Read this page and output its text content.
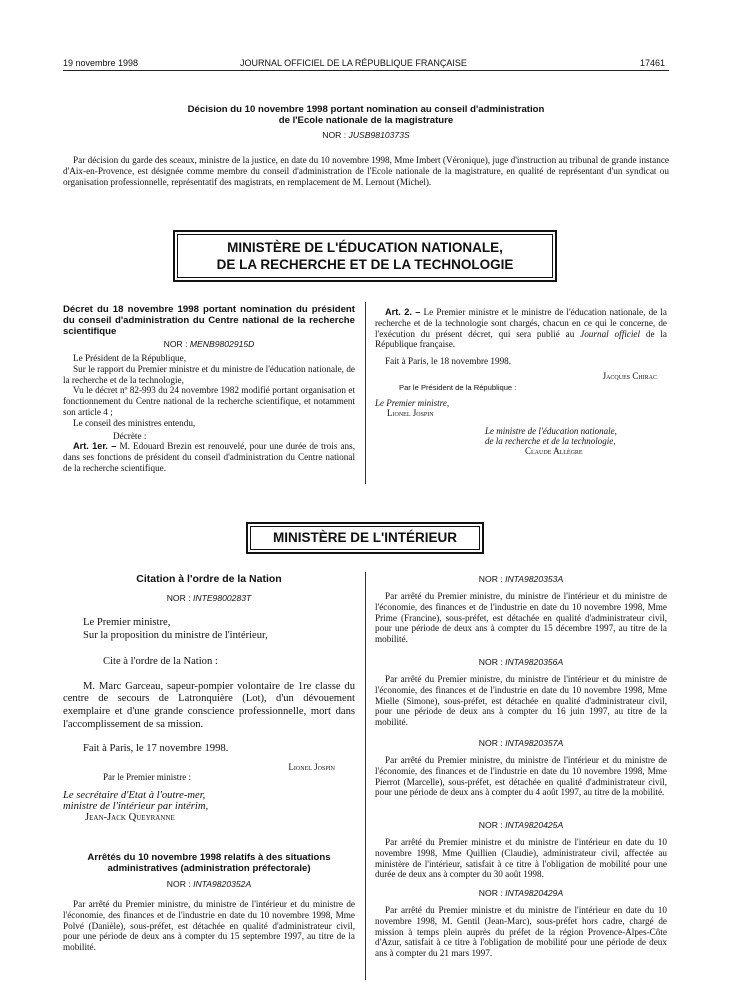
19 novembre 1998	JOURNAL OFFICIEL DE LA RÉPUBLIQUE FRANÇAISE	17461
Décision du 10 novembre 1998 portant nomination au conseil d'administration
de l'Ecole nationale de la magistrature
NOR : JUSB9810373S

Par décision du garde des sceaux, ministre de la justice, en date du 10 novembre 1998, Mme Imbert (Véronique), juge d'instruction au tribunal de grande instance d'Aix-en-Provence, est désignée comme membre du conseil d'administration de l'Ecole nationale de la magistrature, en qualité de représentant d'un syndicat ou organisation professionnelle, représentatif des magistrats, en remplacement de M. Lernout (Michel).

MINISTÈRE DE L'ÉDUCATION NATIONALE,
DE LA RECHERCHE ET DE LA TECHNOLOGIE
Décret du 18 novembre 1998 portant nomination du président du conseil d'administration du Centre national de la recherche scientifique
NOR : MENB9802915D

Le Président de la République,

Sur le rapport du Premier ministre et du ministre de l'éducation nationale, de la recherche et de la technologie,

Vu le décret nº 82-993 du 24 novembre 1982 modifié portant organisation et fonctionnement du Centre national de la recherche scientifique, et notamment son article 4 ;

Le conseil des ministres entendu,

Décrète :

Art. 1er. – M. Edouard Brezin est renouvelé, pour une durée de trois ans, dans ses fonctions de président du conseil d'administration du Centre national de la recherche scientifique.

Art. 2. – Le Premier ministre et le ministre de l'éducation nationale, de la recherche et de la technologie sont chargés, chacun en ce qui le concerne, de l'exécution du présent décret, qui sera publié au Journal officiel de la République française.

Fait à Paris, le 18 novembre 1998.

Jacques Chirac
Par le Président de la République :
Le Premier ministre,
Lionel Jospin
Le ministre de l'éducation nationale,
de la recherche et de la technologie,
Claude Allègre
MINISTÈRE DE L'INTÉRIEUR
Citation à l'ordre de la Nation
NOR : INTE9800283T

Le Premier ministre,

Sur la proposition du ministre de l'intérieur,

Cite à l'ordre de la Nation :

M. Marc Garceau, sapeur-pompier volontaire de 1re classe du centre de secours de Latronquière (Lot), d'un dévouement exemplaire et d'une grande conscience professionnelle, mort dans l'accomplissement de sa mission.

Fait à Paris, le 17 novembre 1998.

Lionel Jospin
Par le Premier ministre :
Le secrétaire d'Etat à l'outre-mer,
ministre de l'intérieur par intérim,
Jean-Jack Queyranne
Arrêtés du 10 novembre 1998 relatifs à des situations
administratives (administration préfectorale)
NOR : INTA9820352A

Par arrêté du Premier ministre, du ministre de l'intérieur et du ministre de l'économie, des finances et de l'industrie en date du 10 novembre 1998, Mme Polvé (Danièle), sous-préfet, est détachée en qualité d'administrateur civil, pour une période de deux ans à compter du 15 septembre 1997, au titre de la mobilité.

NOR : INTA9820353A

Par arrêté du Premier ministre, du ministre de l'intérieur et du ministre de l'économie, des finances et de l'industrie en date du 10 novembre 1998, Mme Prime (Francine), sous-préfet, est détachée en qualité d'administrateur civil, pour une période de deux ans à compter du 15 décembre 1997, au titre de la mobilité.

NOR : INTA9820356A

Par arrêté du Premier ministre, du ministre de l'intérieur et du ministre de l'économie, des finances et de l'industrie en date du 10 novembre 1998, Mme Mielle (Simone), sous-préfet, est détachée en qualité d'administrateur civil, pour une période de deux ans à compter du 16 juin 1997, au titre de la mobilité.

NOR : INTA9820357A

Par arrêté du Premier ministre, du ministre de l'intérieur et du ministre de l'économie, des finances et de l'industrie en date du 10 novembre 1998, Mme Pierrot (Marcelle), sous-préfet, est détachée en qualité d'administrateur civil, pour une période de deux ans à compter du 4 août 1997, au titre de la mobilité.

NOR : INTA9820425A

Par arrêté du Premier ministre et du ministre de l'intérieur en date du 10 novembre 1998, Mme Quillien (Claudie), administrateur civil, affectée au ministère de l'intérieur, satisfait à ce titre à l'obligation de mobilité pour une durée de deux ans à compter du 30 août 1998.

NOR : INTA9820429A

Par arrêté du Premier ministre et du ministre de l'intérieur en date du 10 novembre 1998, M. Gentil (Jean-Marc), sous-préfet hors cadre, chargé de mission à temps plein auprès du préfet de la région Provence-Alpes-Côte d'Azur, satisfait à ce titre à l'obligation de mobilité pour une période de deux ans à compter du 21 mars 1997.
